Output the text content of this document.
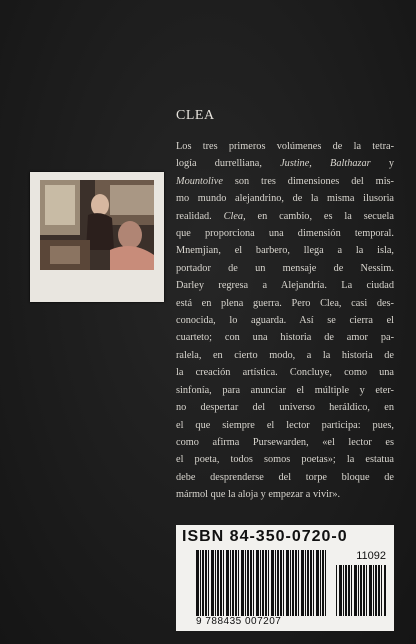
CLEA
Los tres primeros volúmenes de la tetra-
logía durrelliana, Justine, Balthazar y
Mountolive son tres dimensiones del mis-
mo mundo alejandrino, de la misma ilusoria
realidad. Clea, en cambio, es la secuela
que proporciona una dimensión temporal.
Mnemjian, el barbero, llega a la isla,
portador de un mensaje de Nessim.
Darley regresa a Alejandría. La ciudad
está en plena guerra. Pero Clea, casi des-
conocida, lo aguarda. Así se cierra el
cuarteto; con una historia de amor pa-
ralela, en cierto modo, a la historia de
la creación artística. Concluye, como una
sinfonía, para anunciar el múltiple y eter-
no despertar del universo heráldico, en
el que siempre el lector participa: pues,
como afirma Pursewarden, «el lector es
el poeta, todos somos poetas»; la estatua
debe desprenderse del torpe bloque de
mármol que la aloja y empezar a vivir».
ISBN 84-350-0720-0
11092
9 788435 007207
